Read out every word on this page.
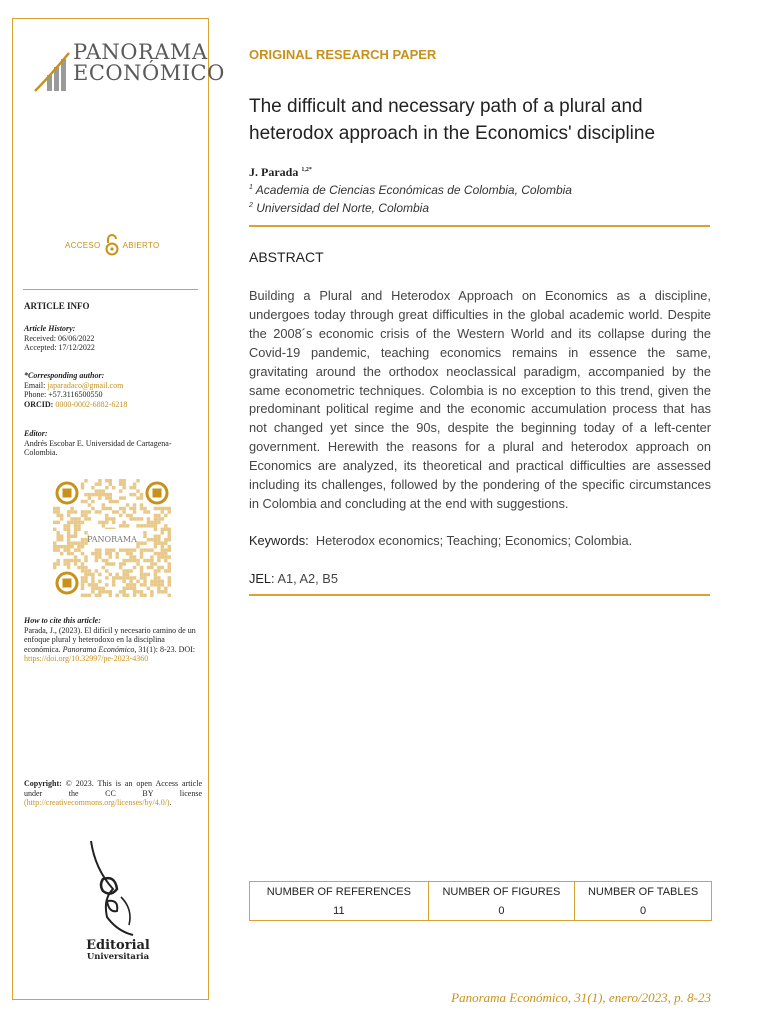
PANORAMA
ECONÓMICO
ACCESO	ABIERTO
ARTICLE INFO
Article History:
Received: 06/06/2022
Accepted: 17/12/2022
*Corresponding author:
Email: japaradaco@gmail.com
Phone: +57.3116500550
ORCID: 0000-0002-6882-6218
Editor:
Andrés Escobar E. Universidad de Cartagena-Colombia.
PANORAMA
How to cite this article:
Parada, J., (2023). El difícil y necesario camino de un enfoque plural y heterodoxo en la disciplina económica. Panorama Económico, 31(1): 8-23. DOI:
https://doi.org/10.32997/pe-2023-4360
Copyright: © 2023. This is an open Access article under the CC BY license (http://creativecommons.org/licenses/by/4.0/).
Editorial
Universitaria
ORIGINAL RESEARCH PAPER
The difficult and necessary path of a plural and heterodox approach in the Economics' discipline
J. Parada $^{1,2*}$
$^1$ Academia de Ciencias Económicas de Colombia, Colombia
$^2$ Universidad del Norte, Colombia
ABSTRACT
Building a Plural and Heterodox Approach on Economics as a discipline, undergoes today through great difficulties in the global academic world. Despite the 2008´s economic crisis of the Western World and its collapse during the Covid-19 pandemic, teaching economics remains in essence the same, gravitating around the orthodox neoclassical paradigm, accompanied by the same econometric techniques. Colombia is no exception to this trend, given the predominant political regime and the economic accumulation process that has not changed yet since the 90s, despite the beginning today of a left-center government. Herewith the reasons for a plural and heterodox approach on Economics are analyzed, its theoretical and practical difficulties are assessed including its challenges, followed by the pondering of the specific circumstances in Colombia and concluding at the end with suggestions.
Keywords: Heterodox economics; Teaching; Economics; Colombia.
JEL: A1, A2, B5
NUMBER OF REFERENCES	NUMBER OF FIGURES	NUMBER OF TABLES
11	0	0
Panorama Económico, 31(1), enero/2023, p. 8-23
